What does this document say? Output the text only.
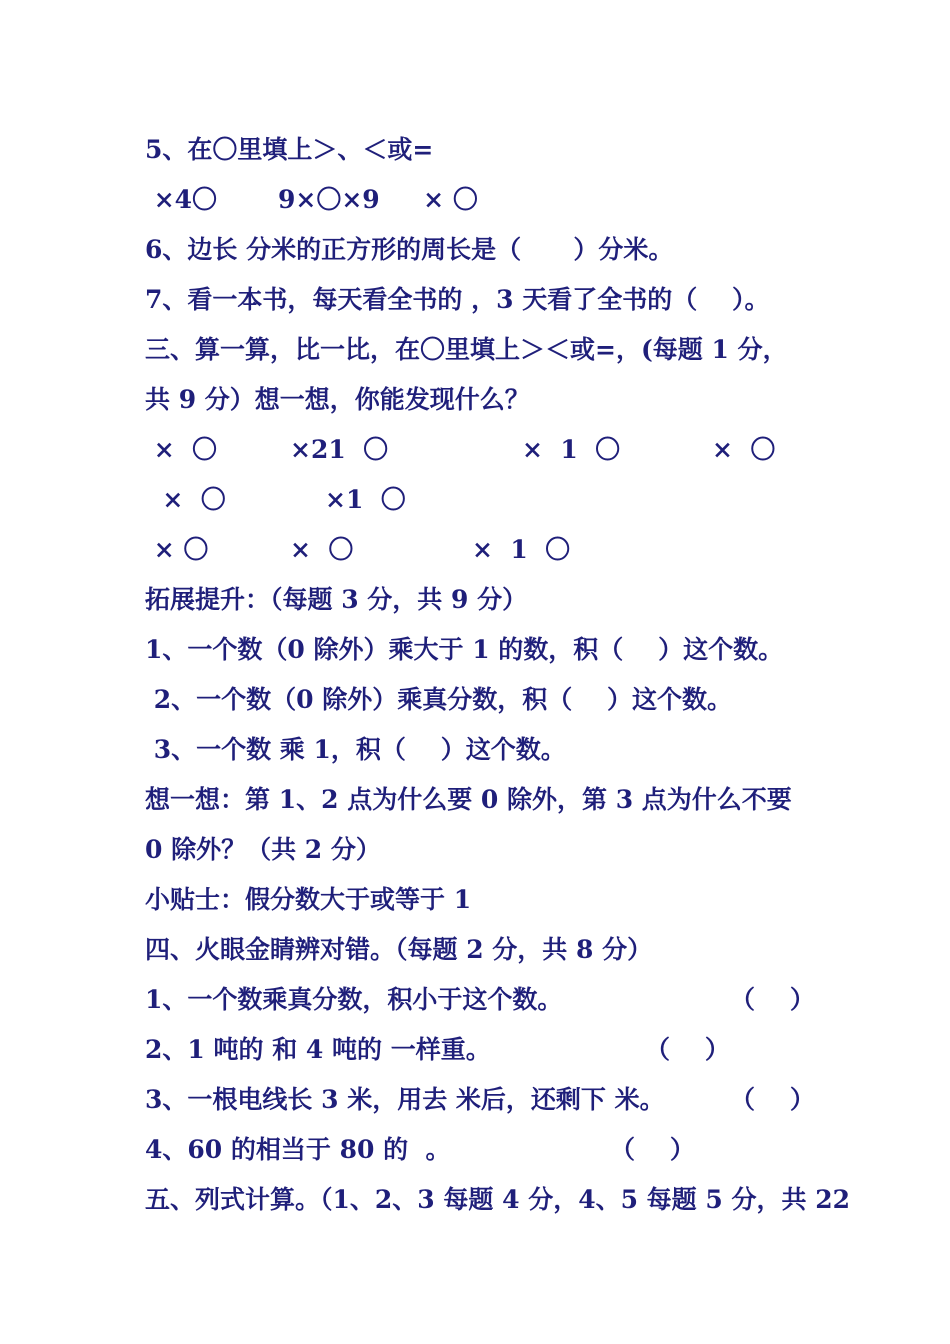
5、在〇里填上＞、＜或=
×4〇       9×〇×9     × 〇
6、边长 分米的正方形的周长是（      ）分米。
7、看一本书，每天看全书的 ，3 天看了全书的（    ）。
三、算一算，比一比，在〇里填上＞＜或=，(每题 1 分，
共 9 分）想一想，你能发现什么？
×  〇	×21  〇	×  1  〇	×  〇
×  〇	×1  〇
× 〇	×  〇	×  1  〇
拓展提升：（每题 3 分，共 9 分）
1、一个数（0 除外）乘大于 1 的数，积（    ）这个数。
2、一个数（0 除外）乘真分数，积（    ）这个数。
3、一个数 乘 1，积（    ）这个数。
想一想：第 1、2 点为什么要 0 除外，第 3 点为什么不要
0 除外？（共 2 分）
小贴士：假分数大于或等于 1
四、火眼金睛辨对错。（每题 2 分，共 8 分）
1、一个数乘真分数，积小于这个数。	（    ）
2、1 吨的 和 4 吨的 一样重。	（    ）
3、一根电线长 3 米，用去 米后，还剩下 米。	（    ）
4、60 的相当于 80 的  。	（    ）
五、列式计算。（1、2、3 每题 4 分，4、5 每题 5 分，共 22
